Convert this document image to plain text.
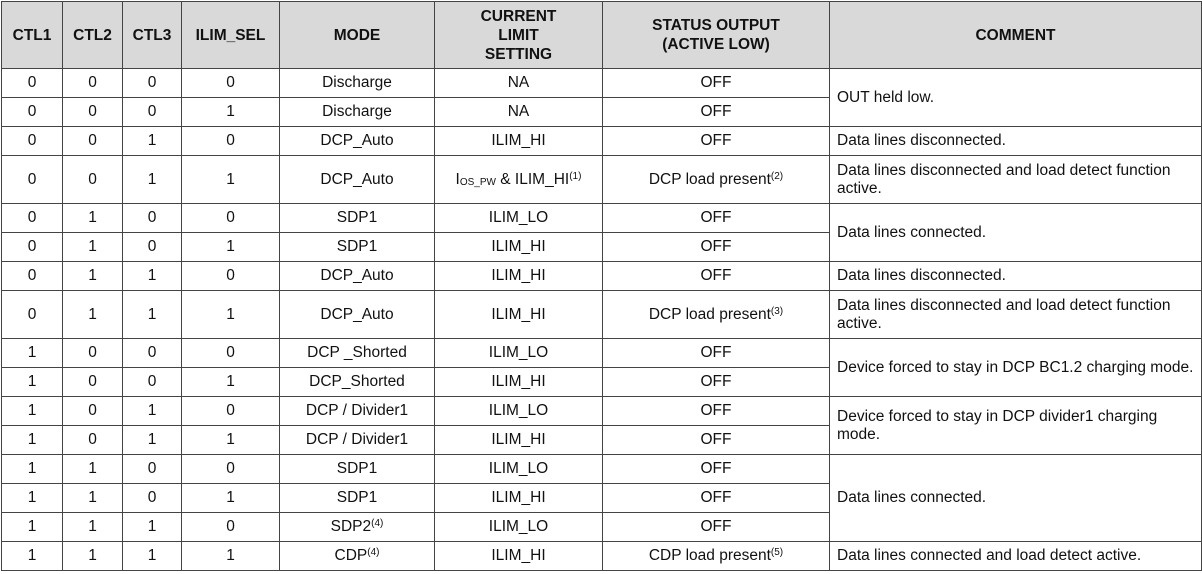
CTL1	CTL2	CTL3	ILIM_SEL	MODE	CURRENT LIMIT SETTING	STATUS OUTPUT (ACTIVE LOW)	COMMENT
0	0	0	0	Discharge	NA	OFF	OUT held low.
0	0	0	1	Discharge	NA	OFF	
0	0	1	0	DCP_Auto	ILIM_HI	OFF	Data lines disconnected.
0	0	1	1	DCP_Auto	$I_{OS\_PW}$ & ILIM_HI$^{(1)}$	DCP load present$^{(2)}$	Data lines disconnected and load detect function active.
0	1	0	0	SDP1	ILIM_LO	OFF	Data lines connected.
0	1	0	1	SDP1	ILIM_HI	OFF	
0	1	1	0	DCP_Auto	ILIM_HI	OFF	Data lines disconnected.
0	1	1	1	DCP_Auto	ILIM_HI	DCP load present$^{(3)}$	Data lines disconnected and load detect function active.
1	0	0	0	DCP _Shorted	ILIM_LO	OFF	Device forced to stay in DCP BC1.2 charging mode.
1	0	0	1	DCP_Shorted	ILIM_HI	OFF	
1	0	1	0	DCP / Divider1	ILIM_LO	OFF	Device forced to stay in DCP divider1 charging mode.
1	0	1	1	DCP / Divider1	ILIM_HI	OFF	
1	1	0	0	SDP1	ILIM_LO	OFF	Data lines connected.
1	1	0	1	SDP1	ILIM_HI	OFF	
1	1	1	0	SDP2$^{(4)}$	ILIM_LO	OFF	
1	1	1	1	CDP$^{(4)}$	ILIM_HI	CDP load present$^{(5)}$	Data lines connected and load detect active.
